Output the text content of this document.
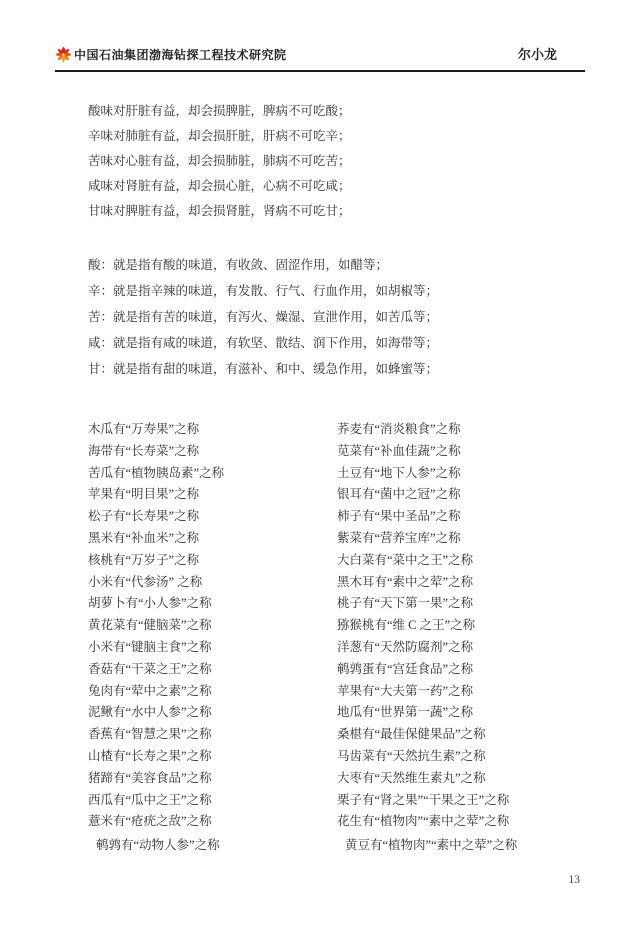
中国石油集团渤海钻探工程技术研究院	尔小龙

酸味对肝脏有益，却会损脾脏，脾病不可吃酸；

辛味对肺脏有益，却会损肝脏，肝病不可吃辛；

苦味对心脏有益，却会损肺脏，肺病不可吃苦；

咸味对肾脏有益，却会损心脏，心病不可吃咸；

甘味对脾脏有益，却会损肾脏，肾病不可吃甘；

酸：就是指有酸的味道，有收敛、固涩作用，如醋等；

辛：就是指辛辣的味道，有发散、行气、行血作用，如胡椒等；

苦：就是指有苦的味道，有泻火、燥湿、宣泄作用，如苦瓜等；

咸：就是指有咸的味道，有软坚、散结、润下作用，如海带等；

甘：就是指有甜的味道，有滋补、和中、缓急作用，如蜂蜜等；

木瓜有“万寿果”之称

海带有“长寿菜”之称

苦瓜有“植物胰岛素”之称

苹果有“明目果”之称

松子有“长寿果”之称

黑米有“补血米”之称

核桃有“万岁子”之称

小米有“代参汤” 之称

胡萝卜有“小人参”之称

黄花菜有“健脑菜”之称

小米有“键脑主食”之称

香菇有“干菜之王”之称

兔肉有“荤中之素”之称

泥鳅有“水中人参”之称

香蕉有“智慧之果”之称

山楂有“长寿之果”之称

猪蹄有“美容食品”之称

西瓜有“瓜中之王”之称

薏米有“疮疣之敌”之称

鹌鹑有“动物人参”之称

荞麦有“消炎粮食”之称

苋菜有“补血佳蔬”之称

土豆有“地下人参”之称

银耳有“菌中之冠”之称

柿子有“果中圣品”之称

紫菜有“营养宝库”之称

大白菜有“菜中之王”之称

黑木耳有“素中之荤”之称

桃子有“天下第一果”之称

猕猴桃有“维 C 之王”之称

洋葱有“天然防腐剂”之称

鹌鹑蛋有“宫廷食品”之称

苹果有“大夫第一药”之称

地瓜有“世界第一蔬”之称

桑椹有“最佳保健果品”之称

马齿菜有“天然抗生素”之称

大枣有“天然维生素丸”之称

栗子有“肾之果”“干果之王”之称

花生有“植物肉”“素中之荤”之称

黄豆有“植物肉”“素中之荤”之称

13
